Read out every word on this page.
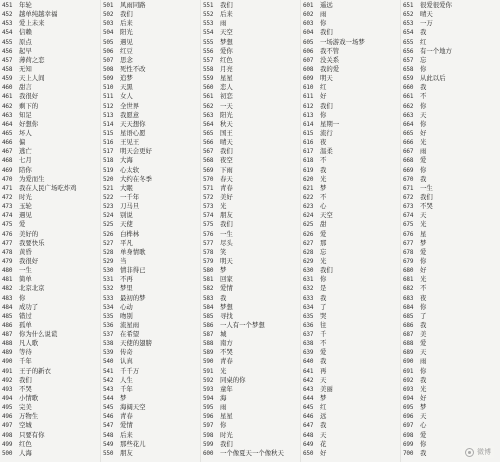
451	年轮
452	越单纯越幸福
453	爱上未来
454	信赖
455	原点
456	起早
457	薄荷之恋
458	无知
459	天上人间
460	甜言
461	我很好
462	剩下的
463	知足
464	好想你
465	坏人
466	偏
467	逃亡
468	七月
469	陪你
470	为爱而生
471	我在人民广场吃炸鸡
472	时光
473	玉轮
474	遇见
475	爱
476	美好的
477	我要快乐
478	黄昏
479	我很好
480	一生
481	简单
482	北京北京
483	你
484	成功了
485	错过
486	孤单
487	你为什么说谎
488	凡人歌
489	等待
490	千年
491	王子的新衣
492	我们
493	不哭
494	小情歌
495	完美
496	万物生
497	空城
498	只要有你
499	红色
500	人海
501	风雨同路
502	我们
503	后来
504	阳光
505	遇见
506	红豆
507	思念
508	死性不改
509	追梦
510	天黑
511	女人
512	全世界
513	我愿意
514	天天想你
515	星语心愿
516	王见王
517	明天会更好
518	大海
519	心太软
520	大约在冬季
521	大眠
522	一千年
523	刀马旦
524	别说
525	天使
526	白桦林
527	平凡
528	单身情歌
529	当
530	情非得已
531	不再
532	梦里
533	最初的梦
534	心动
535	吻别
536	流星雨
537	在希望
538	天使的翅膀
539	传奇
540	认真
541	千千万
542	人生
543	千年
544	梦
545	海阔天空
546	青春
547	爱情
548	后来
549	那些花儿
550	朋友
551	我们
552	后来
553	雨
554	天空
555	梦想
556	爱你
557	红色
558	月亮
559	星星
560	恋人
561	初恋
562	一天
563	阳光
564	秋天
565	国王
566	晴天
567	我们
568	夜空
569	下雨
570	春天
571	青春
572	美好
573	光
574	朋友
575	我们
576	一生
577	尽头
578	笑
579	明天
580	梦
581	回家
582	爱情
583	我
584	梦想
585	寻找
586	一人有一个梦想
587	城
588	南方
589	不哭
590	青春
591	光
592	同桌的你
593	童年
594	海
595	雨
596	星星
597	你
598	时光
599	我们
600	一个像夏天一个像秋天
601	遥远
602	雨
603	你
604	我们
605	一场游戏一场梦
606	我不管
607	没关系
608	我的爱
609	明天
610	红
611	好
612	我们
613	你
614	星期一
615	流行
616	夜
617	温柔
618	不
619	我
620	光
621	梦
622	不
623	心
624	天空
625	甜
626	爱
627	那
628	忘
629	光
630	我们
631	你
632	是
633	我
634	了
635	哭
636	往
637	千
638	不
639	爱
640	我
641	再
642	天
643	美丽
644	梦
645	红
646	远
647	我
648	天
649	花
650	好
651	很爱很爱你
652	晴天
653	一万
654	我
655	红
656	有一个地方
657	忘
658	你
659	从此以后
660	我
661	不
662	你
663	天
664	你
665	好
666	光
667	雨
668	爱
669	你
670	我
671	一生
672	我们
673	不哭
674	天
675	光
676	星
677	梦
678	爱
679	你
680	好
681	光
682	不
683	夜
684	你
685	了
686	我
687	美
688	爱
689	天
690	雨
691	你
692	我
693	光
694	好
695	梦
696	天
697	心
698	爱
699	你
700	我	微博
